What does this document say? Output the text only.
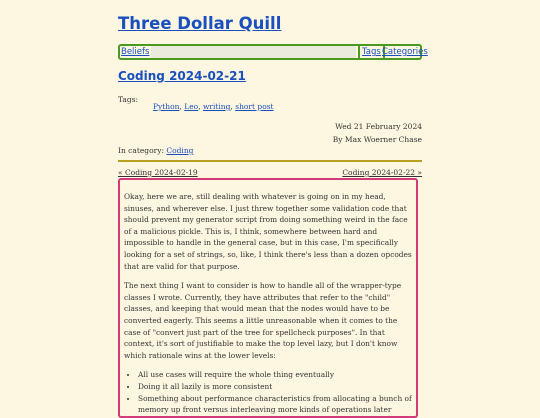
Three Dollar Quill
Beliefs	Tags Categories
Coding 2024-02-21
Tags:
Python, Leo, writing, short post
Wed 21 February 2024
By Max Woerner Chase
In category: Coding
« Coding 2024-02-19	Coding 2024-02-22 »

Okay, here we are, still dealing with whatever is going on in my head, sinuses, and wherever else. I just threw together some validation code that should prevent my generator script from doing something weird in the face of a malicious pickle. This is, I think, somewhere between hard and impossible to handle in the general case, but in this case, I'm specifically looking for a set of strings, so, like, I think there's less than a dozen opcodes that are valid for that purpose.

The next thing I want to consider is how to handle all of the wrapper-type classes I wrote. Currently, they have attributes that refer to the "child" classes, and keeping that would mean that the nodes would have to be converted eagerly. This seems a little unreasonable when it comes to the case of "convert just part of the tree for spellcheck purposes". In that context, it's sort of justifiable to make the top level lazy, but I don't know which rationale wins at the lower levels:

• All use cases will require the whole thing eventually
• Doing it all lazily is more consistent
• Something about performance characteristics from allocating a bunch of memory up front versus interleaving more kinds of operations later
